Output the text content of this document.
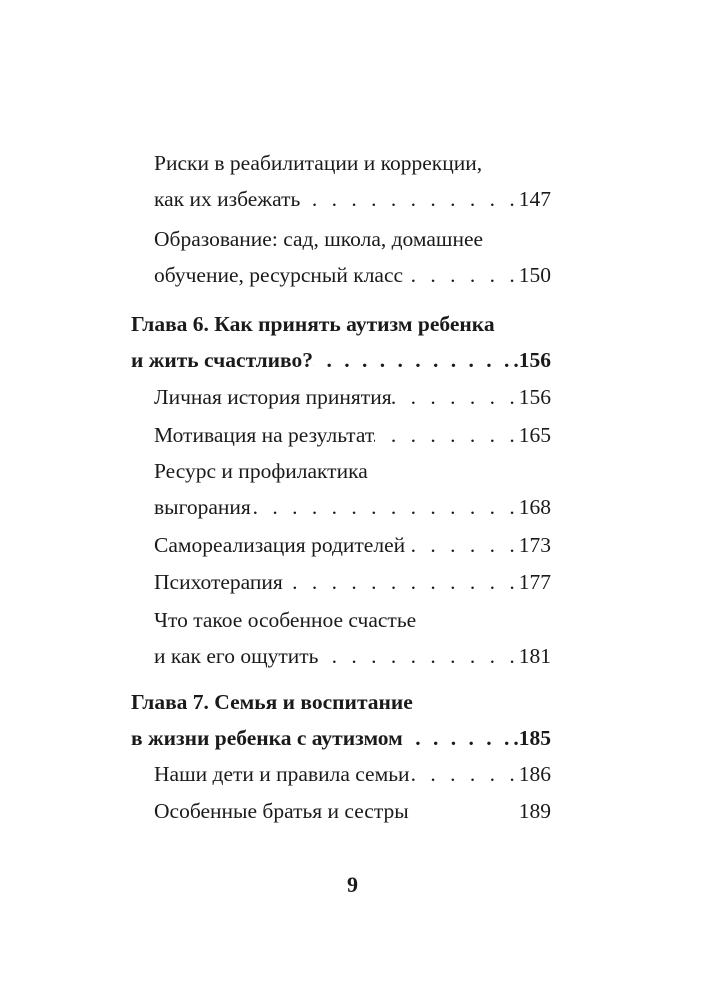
Риски в реабилитации и коррекции,
как их избежать . . .	147
Образование: сад, школа, домашнее
обучение, ресурсный класс . . .	150
Глава 6. Как принять аутизм ребенка
и жить счастливо? . . .	.156
Личная история принятия . . .	156
Мотивация на результат . . .	165
Ресурс и профилактика
выгорания . . .	168
Самореализация родителей . . .	173
Психотерапия . . .	177
Что такое особенное счастье
и как его ощутить . . .	181
Глава 7. Семья и воспитание
в жизни ребенка с аутизмом . . .	.185
Наши дети и правила семьи . . .	186
Особенные братья и сестры	189
9
